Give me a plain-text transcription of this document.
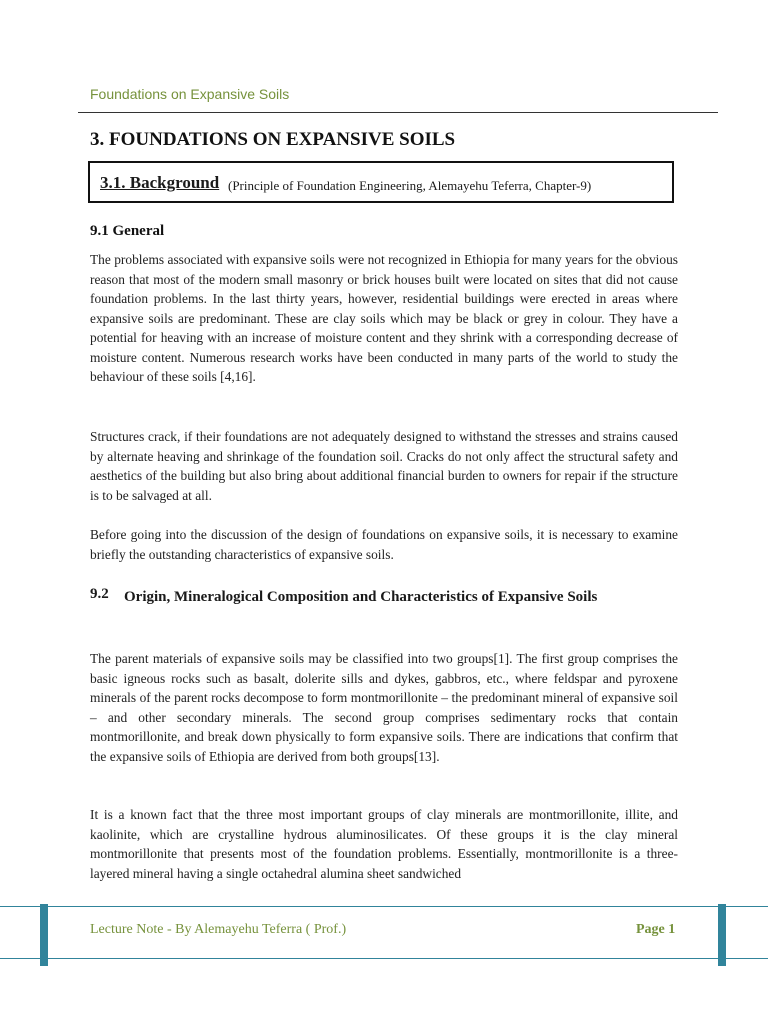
Foundations on Expansive Soils
3. FOUNDATIONS ON EXPANSIVE SOILS
3.1. Background (Principle of Foundation Engineering, Alemayehu Teferra, Chapter-9)
9.1 General
The problems associated with expansive soils were not recognized in Ethiopia for many years for the obvious reason that most of the modern small masonry or brick houses built were located on sites that did not cause foundation problems. In the last thirty years, however, residential buildings were erected in areas where expansive soils are predominant. These are clay soils which may be black or grey in colour. They have a potential for heaving with an increase of moisture content and they shrink with a corresponding decrease of moisture content. Numerous research works have been conducted in many parts of the world to study the behaviour of these soils [4,16].
Structures crack, if their foundations are not adequately designed to withstand the stresses and strains caused by alternate heaving and shrinkage of the foundation soil. Cracks do not only affect the structural safety and aesthetics of the building but also bring about additional financial burden to owners for repair if the structure is to be salvaged at all.
Before going into the discussion of the design of foundations on expansive soils, it is necessary to examine briefly the outstanding characteristics of expansive soils.
9.2 Origin, Mineralogical Composition and Characteristics of Expansive Soils
The parent materials of expansive soils may be classified into two groups[1]. The first group comprises the basic igneous rocks such as basalt, dolerite sills and dykes, gabbros, etc., where feldspar and pyroxene minerals of the parent rocks decompose to form montmorillonite – the predominant mineral of expansive soil – and other secondary minerals. The second group comprises sedimentary rocks that contain montmorillonite, and break down physically to form expansive soils. There are indications that confirm that the expansive soils of Ethiopia are derived from both groups[13].
It is a known fact that the three most important groups of clay minerals are montmorillonite, illite, and kaolinite, which are crystalline hydrous aluminosilicates. Of these groups it is the clay mineral montmorillonite that presents most of the foundation problems. Essentially, montmorillonite is a three-layered mineral having a single octahedral alumina sheet sandwiched
Lecture Note - By Alemayehu Teferra ( Prof.)	Page 1
